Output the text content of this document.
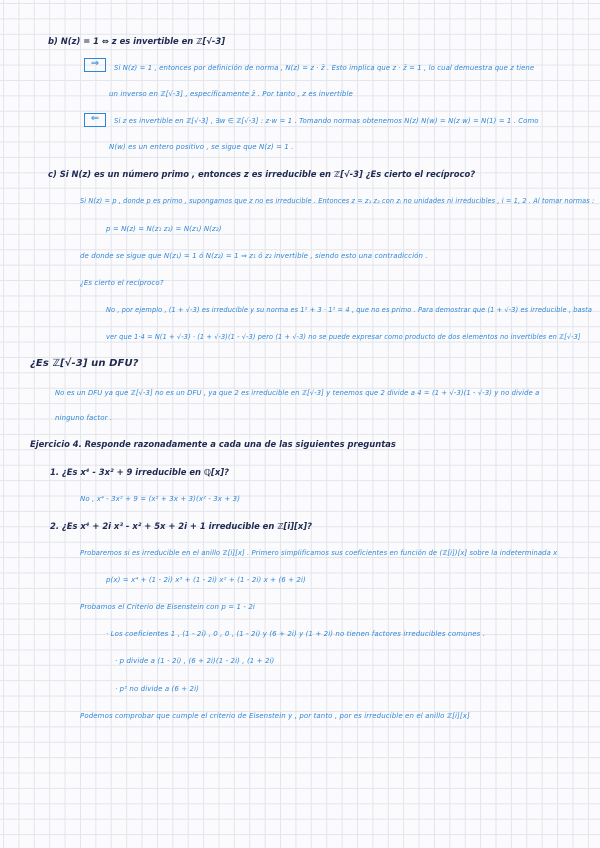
b) N(z) = 1 ⇔ z es invertible en ℤ[√-3]
⇒	Si N(z) = 1 , entonces por definición de norma , N(z) = z · z̄ . Esto implica que z · z̄ = 1 , lo cual demuestra que z tiene
un inverso en ℤ[√-3] , específicamente z̄ . Por tanto , z es invertible
⇐	Si z es invertible en ℤ[√-3] , ∃w ∈ ℤ[√-3] : z·w = 1 . Tomando normas obtenemos N(z) N(w) = N(z w) = N(1) = 1 . Como
N(w) es un entero positivo , se sigue que N(z) = 1 .
c) Si N(z) es un número primo , entonces z es irreducible en ℤ[√-3] ¿Es cierto el recíproco?
Si N(z) = p , donde p es primo , supongamos que z no es irreducible . Entonces z = z₁ z₂ con zᵢ no unidades ni irreducibles , i = 1, 2 . Al tomar normas :
p = N(z) = N(z₁ z₂) = N(z₁) N(z₂)
de donde se sigue que N(z₁) = 1 ó N(z₂) = 1 ⇒ z₁ ó z₂ invertible , siendo esto una contradicción .
¿Es cierto el recíproco?
No , por ejemplo , (1 + √-3) es irreducible y su norma es 1² + 3 · 1² = 4 , que no es primo . Para demostrar que (1 + √-3) es irreducible , basta
ver que 1·4 = N(1 + √-3) · (1 + √-3)(1 - √-3) pero (1 + √-3) no se puede expresar como producto de dos elementos no invertibles en ℤ[√-3]
¿Es ℤ[√-3] un DFU?
No es un DFU ya que ℤ[√-3] no es un DFU , ya que 2 es irreducible en ℤ[√-3] y tenemos que 2 divide a 4 = (1 + √-3)(1 - √-3) y no divide a
ninguno factor .
Ejercicio 4. Responde razonadamente a cada una de las siguientes preguntas
1. ¿Es x⁴ - 3x² + 9 irreducible en ℚ[x]?
No , x⁴ - 3x² + 9 = (x² + 3x + 3)(x² - 3x + 3)
2. ¿Es x⁴ + 2i x³ - x² + 5x + 2i + 1 irreducible en ℤ[i][x]?
Probaremos si es irreducible en el anillo ℤ[i][x] . Primero simplificamos sus coeficientes en función de (ℤ[i])[x] sobre la indeterminada x
p(x) = x⁴ + (1 - 2i) x³ + (1 - 2i) x² + (1 - 2i) x + (6 + 2i)
Probamos el Criterio de Eisenstein con p = 1 - 2i
· Los coeficientes 1 , (1 - 2i) , 0 , 0 , (1 - 2i) y (6 + 2i) y (1 + 2i) no tienen factores irreducibles comunes .
· p divide a (1 - 2i) , (6 + 2i)(1 - 2i) , (1 + 2i)
· p² no divide a (6 + 2i)
Podemos comprobar que cumple el criterio de Eisenstein y , por tanto , por es irreducible en el anillo ℤ[i][x]
